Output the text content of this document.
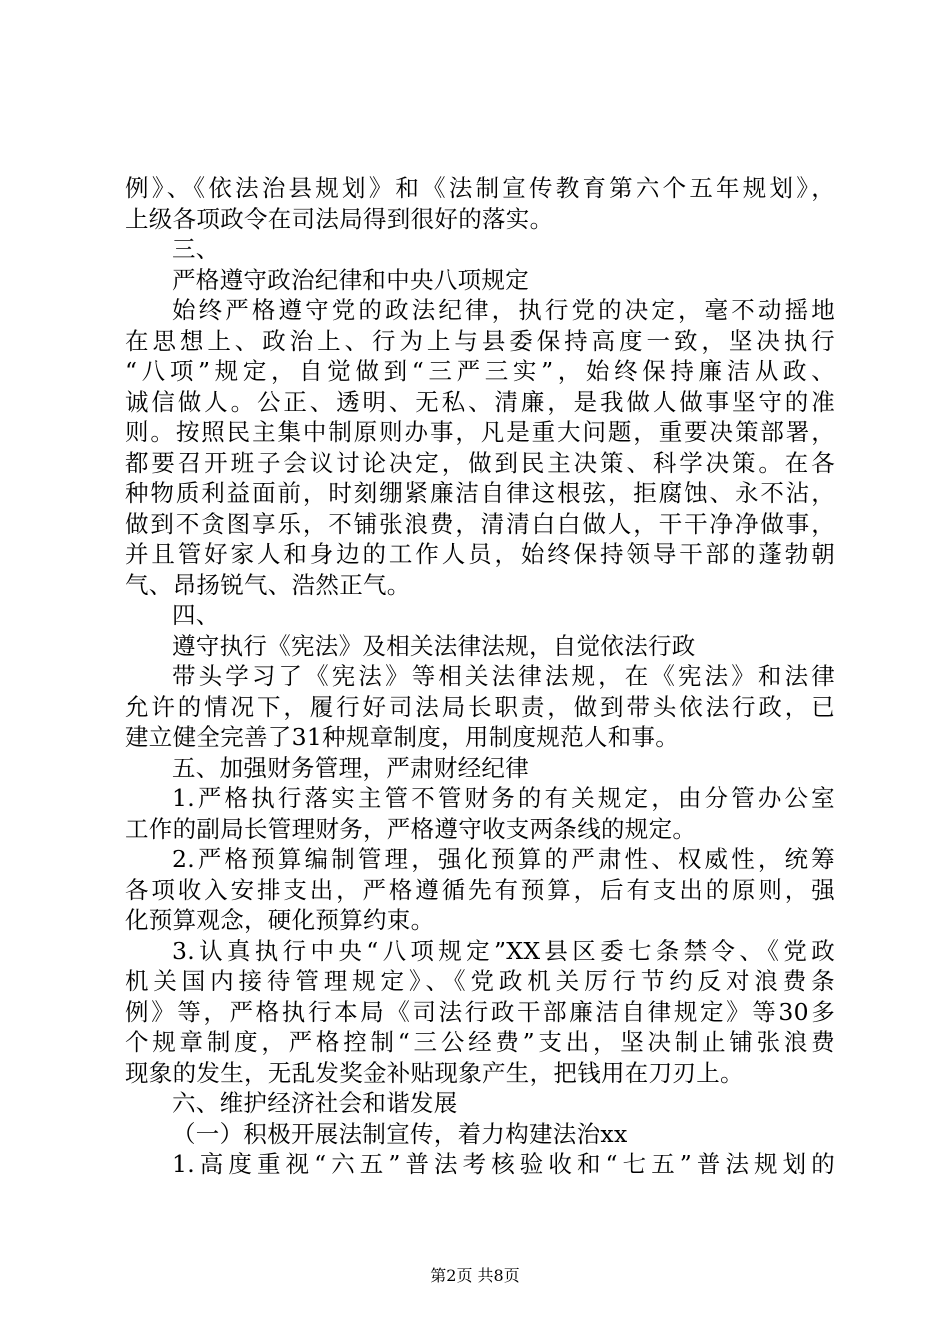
例》、《依法治县规划》和《法制宣传教育第六个五年规划》，
上级各项政令在司法局得到很好的落实。
三、
严格遵守政治纪律和中央八项规定
始终严格遵守党的政法纪律，执行党的决定，毫不动摇地
在思想上、政治上、行为上与县委保持高度一致，坚决执行
“八项”规定，自觉做到“三严三实”，始终保持廉洁从政、
诚信做人。公正、透明、无私、清廉，是我做人做事坚守的准
则。按照民主集中制原则办事，凡是重大问题，重要决策部署，
都要召开班子会议讨论决定，做到民主决策、科学决策。在各
种物质利益面前，时刻绷紧廉洁自律这根弦，拒腐蚀、永不沾，
做到不贪图享乐，不铺张浪费，清清白白做人，干干净净做事，
并且管好家人和身边的工作人员，始终保持领导干部的蓬勃朝
气、昂扬锐气、浩然正气。
四、
遵守执行《宪法》及相关法律法规，自觉依法行政
带头学习了《宪法》等相关法律法规，在《宪法》和法律
允许的情况下，履行好司法局长职责，做到带头依法行政，已
建立健全完善了31种规章制度，用制度规范人和事。
五、加强财务管理，严肃财经纪律
1.严格执行落实主管不管财务的有关规定，由分管办公室
工作的副局长管理财务，严格遵守收支两条线的规定。
2.严格预算编制管理，强化预算的严肃性、权威性，统筹
各项收入安排支出，严格遵循先有预算，后有支出的原则，强
化预算观念，硬化预算约束。
3.认真执行中央“八项规定”XX县区委七条禁令、《党政
机关国内接待管理规定》、《党政机关厉行节约反对浪费条
例》等，严格执行本局《司法行政干部廉洁自律规定》等30多
个规章制度，严格控制“三公经费”支出，坚决制止铺张浪费
现象的发生，无乱发奖金补贴现象产生，把钱用在刀刃上。
六、维护经济社会和谐发展
（一）积极开展法制宣传，着力构建法治xx
1.高度重视“六五”普法考核验收和“七五”普法规划的
第2页 共8页
